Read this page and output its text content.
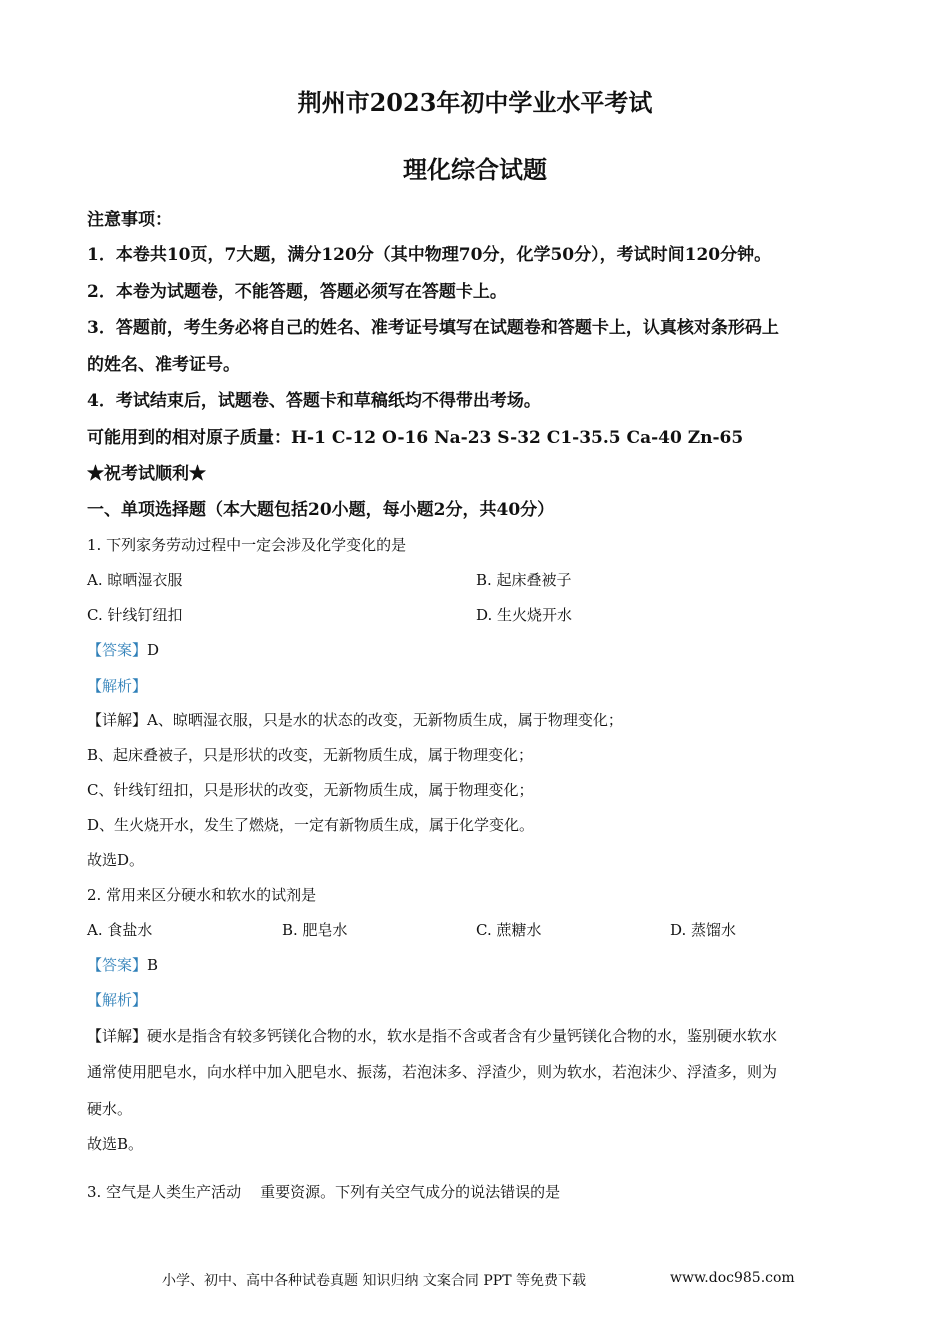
荆州市2023年初中学业水平考试
理化综合试题
注意事项：
1．本卷共10页，7大题，满分120分（其中物理70分，化学50分），考试时间120分钟。
2．本卷为试题卷，不能答题，答题必须写在答题卡上。
3．答题前，考生务必将自己的姓名、准考证号填写在试题卷和答题卡上，认真核对条形码上
的姓名、准考证号。
4．考试结束后，试题卷、答题卡和草稿纸均不得带出考场。
可能用到的相对原子质量：H-1 C-12 O-16 Na-23 S-32 C1-35.5 Ca-40 Zn-65
★祝考试顺利★
一、单项选择题（本大题包括20小题，每小题2分，共40分）
1. 下列家务劳动过程中一定会涉及化学变化的是
A. 晾晒湿衣服	B. 起床叠被子
C. 针线钉纽扣	D. 生火烧开水
【答案】D
【解析】
【详解】A、晾晒湿衣服，只是水的状态的改变，无新物质生成，属于物理变化；
B、起床叠被子，只是形状的改变，无新物质生成，属于物理变化；
C、针线钉纽扣，只是形状的改变，无新物质生成，属于物理变化；
D、生火烧开水，发生了燃烧，一定有新物质生成，属于化学变化。
故选D。
2. 常用来区分硬水和软水的试剂是
A. 食盐水	B. 肥皂水	C. 蔗糖水	D. 蒸馏水
【答案】B
【解析】
【详解】硬水是指含有较多钙镁化合物的水，软水是指不含或者含有少量钙镁化合物的水，鉴别硬水软水
通常使用肥皂水，向水样中加入肥皂水、振荡，若泡沫多、浮渣少，则为软水，若泡沫少、浮渣多，则为
硬水。
故选B。
3. 空气是人类生产活动 重要资源。下列有关空气成分的说法错误的是
小学、初中、高中各种试卷真题 知识归纳 文案合同 PPT 等免费下载	www.doc985.com
